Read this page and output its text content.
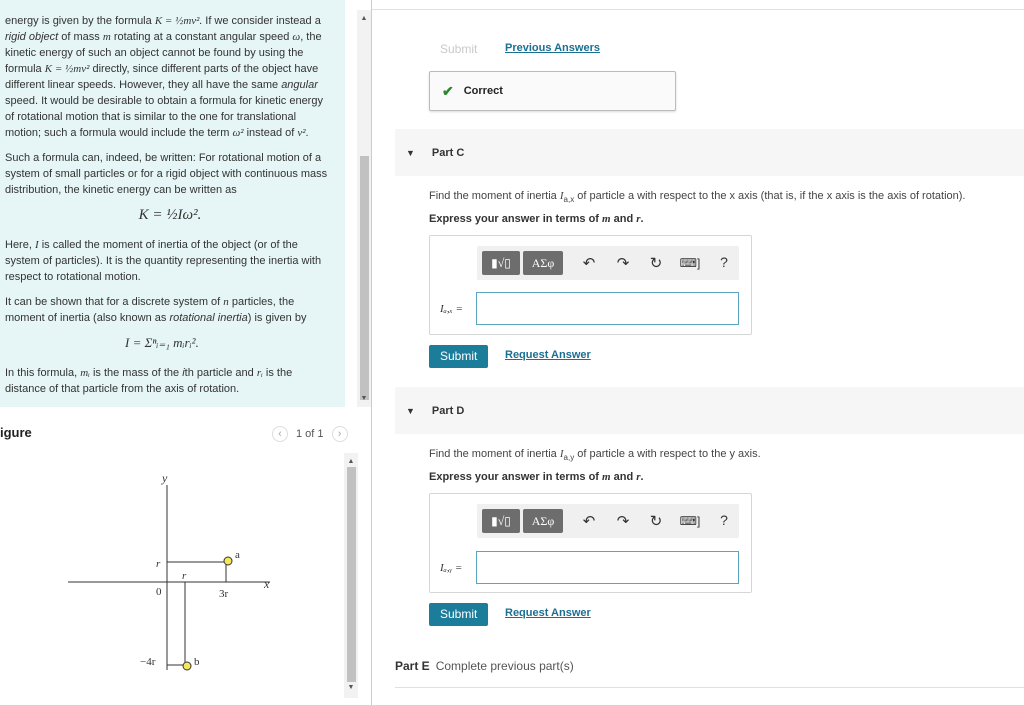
energy is given by the formula K = ½mv². If we consider instead a rigid object of mass m rotating at a constant angular speed ω, the kinetic energy of such an object cannot be found by using the formula K = ½mv² directly, since different parts of the object have different linear speeds. However, they all have the same angular speed. It would be desirable to obtain a formula for kinetic energy of rotational motion that is similar to the one for translational motion; such a formula would include the term ω² instead of v².

Such a formula can, indeed, be written: For rotational motion of a system of small particles or for a rigid object with continuous mass distribution, the kinetic energy can be written as

K = ½Iω².

Here, I is called the moment of inertia of the object (or of the system of particles). It is the quantity representing the inertia with respect to rotational motion.

It can be shown that for a discrete system of n particles, the moment of inertia (also known as rotational inertia) is given by

I = Σⁿᵢ₌₁ mᵢrᵢ².

In this formula, mᵢ is the mass of the ith particle and rᵢ is the distance of that particle from the axis of rotation.

▲
▼
igure	‹	1 of 1	›
y
x
r
r
0	3r
−4r
a
b
▲
▼
Submit	Previous Answers
✔ Correct
▼ Part C
Find the moment of inertia $I_{a,x}$ of particle a with respect to the x axis (that is, if the x axis is the axis of rotation).
Express your answer in terms of m and r.
▮√▯	ΑΣφ	↶ ↷ ↻ ⌨]	?
Iₐ,ₓ =
Submit	Request Answer
▼ Part D
Find the moment of inertia $I_{a,y}$ of particle a with respect to the y axis.
Express your answer in terms of m and r.
▮√▯	ΑΣφ	↶ ↷ ↻ ⌨]	?
Iₐ,ᵧ =
Submit	Request Answer
Part E Complete previous part(s)
